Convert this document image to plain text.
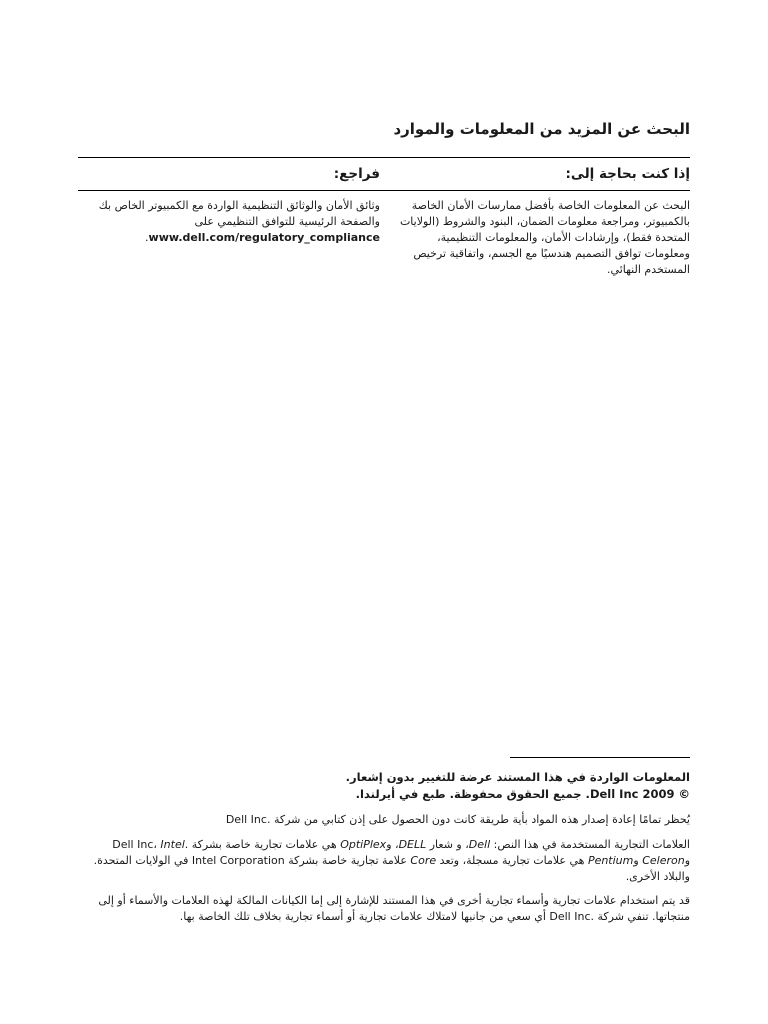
البحث عن المزيد من المعلومات والموارد

إذا كنت بحاجة إلى:

فراجع:

البحث عن المعلومات الخاصة بأفضل ممارسات الأمان الخاصة بالكمبيوتر، ومراجعة معلومات الضمان، البنود والشروط (الولايات المتحدة فقط)، وإرشادات الأمان، والمعلومات التنظيمية، ومعلومات توافق التصميم هندسيًا مع الجسم، واتفاقية ترخيص المستخدم النهائي.

وثائق الأمان والوثائق التنظيمية الواردة مع الكمبيوتر الخاص بك والصفحة الرئيسية للتوافق التنظيمي على www.dell.com/regulatory_compliance.

المعلومات الواردة في هذا المستند عرضة للتغيير بدون إشعار.
© 2009 Dell Inc. جميع الحقوق محفوظة. طبع في أيرلندا.

يُحظر تمامًا إعادة إصدار هذه المواد بأية طريقة كانت دون الحصول على إذن كتابي من شركة .Dell Inc

العلامات التجارية المستخدمة في هذا النص: Dell، و شعار DELL، وOptiPlex هي علامات تجارية خاصة بشركة .Dell Inc، Intel وCeleron وPentium هي علامات تجارية مسجلة، وتعد Core علامة تجارية خاصة بشركة Intel Corporation في الولايات المتحدة. والبلاد الأخرى.

قد يتم استخدام علامات تجارية وأسماء تجارية أخرى في هذا المستند للإشارة إلى إما الكيانات المالكة لهذه العلامات والأسماء أو إلى منتجاتها. تنفي شركة .Dell Inc أي سعي من جانبها لامتلاك علامات تجارية أو أسماء تجارية بخلاف تلك الخاصة بها.
